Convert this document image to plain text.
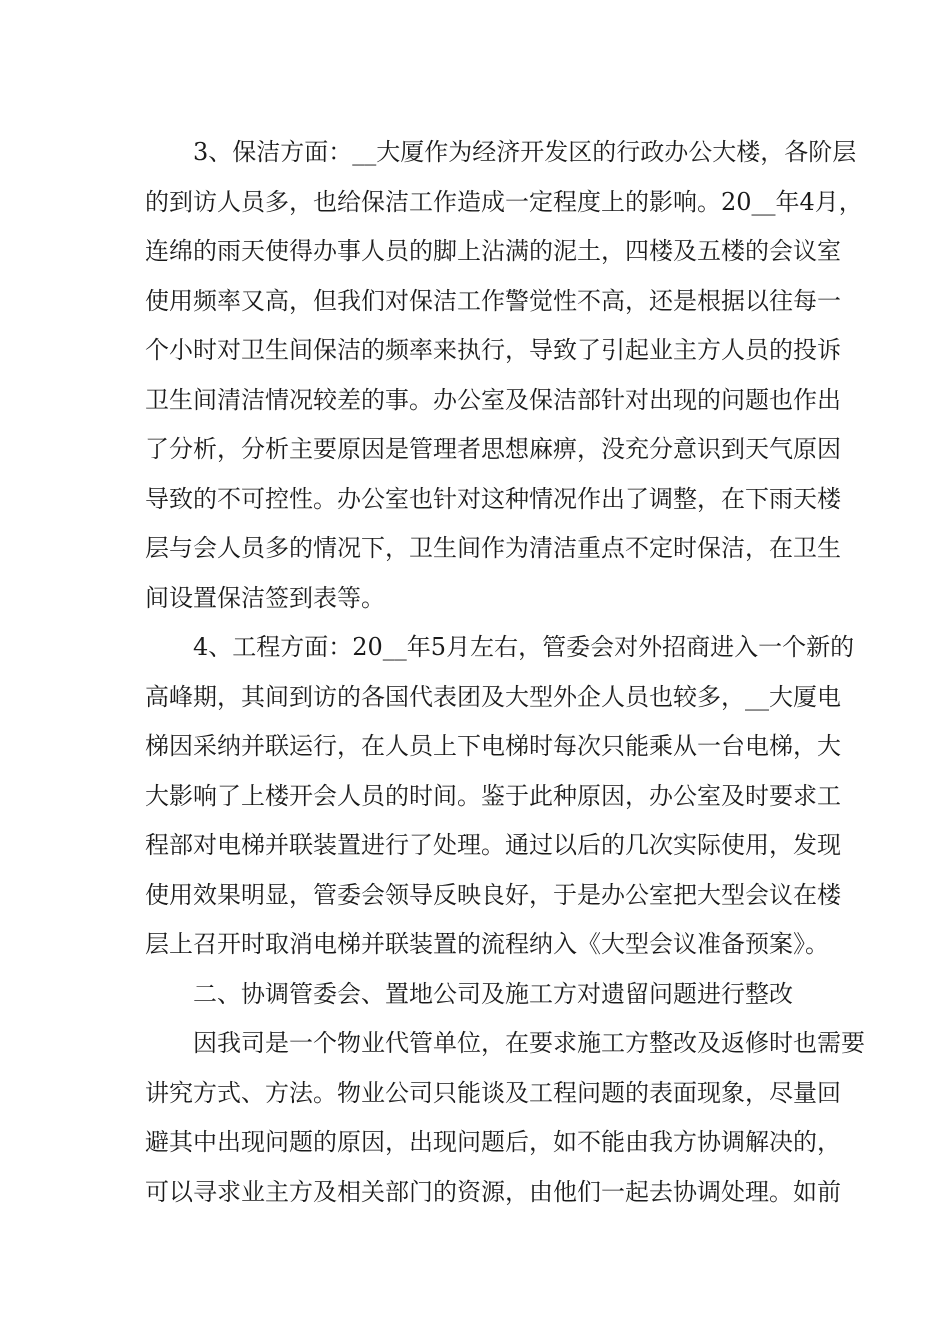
3、保洁方面：__大厦作为经济开发区的行政办公大楼，各阶层
的到访人员多，也给保洁工作造成一定程度上的影响。20__年4月，
连绵的雨天使得办事人员的脚上沾满的泥土，四楼及五楼的会议室
使用频率又高，但我们对保洁工作警觉性不高，还是根据以往每一
个小时对卫生间保洁的频率来执行，导致了引起业主方人员的投诉
卫生间清洁情况较差的事。办公室及保洁部针对出现的问题也作出
了分析，分析主要原因是管理者思想麻痹，没充分意识到天气原因
导致的不可控性。办公室也针对这种情况作出了调整，在下雨天楼
层与会人员多的情况下，卫生间作为清洁重点不定时保洁，在卫生
间设置保洁签到表等。
4、工程方面：20__年5月左右，管委会对外招商进入一个新的
高峰期，其间到访的各国代表团及大型外企人员也较多，__大厦电
梯因采纳并联运行，在人员上下电梯时每次只能乘从一台电梯，大
大影响了上楼开会人员的时间。鉴于此种原因，办公室及时要求工
程部对电梯并联装置进行了处理。通过以后的几次实际使用，发现
使用效果明显，管委会领导反映良好，于是办公室把大型会议在楼
层上召开时取消电梯并联装置的流程纳入《大型会议准备预案》。
二、协调管委会、置地公司及施工方对遗留问题进行整改
因我司是一个物业代管单位，在要求施工方整改及返修时也需要
讲究方式、方法。物业公司只能谈及工程问题的表面现象，尽量回
避其中出现问题的原因，出现问题后，如不能由我方协调解决的，
可以寻求业主方及相关部门的资源，由他们一起去协调处理。如前
